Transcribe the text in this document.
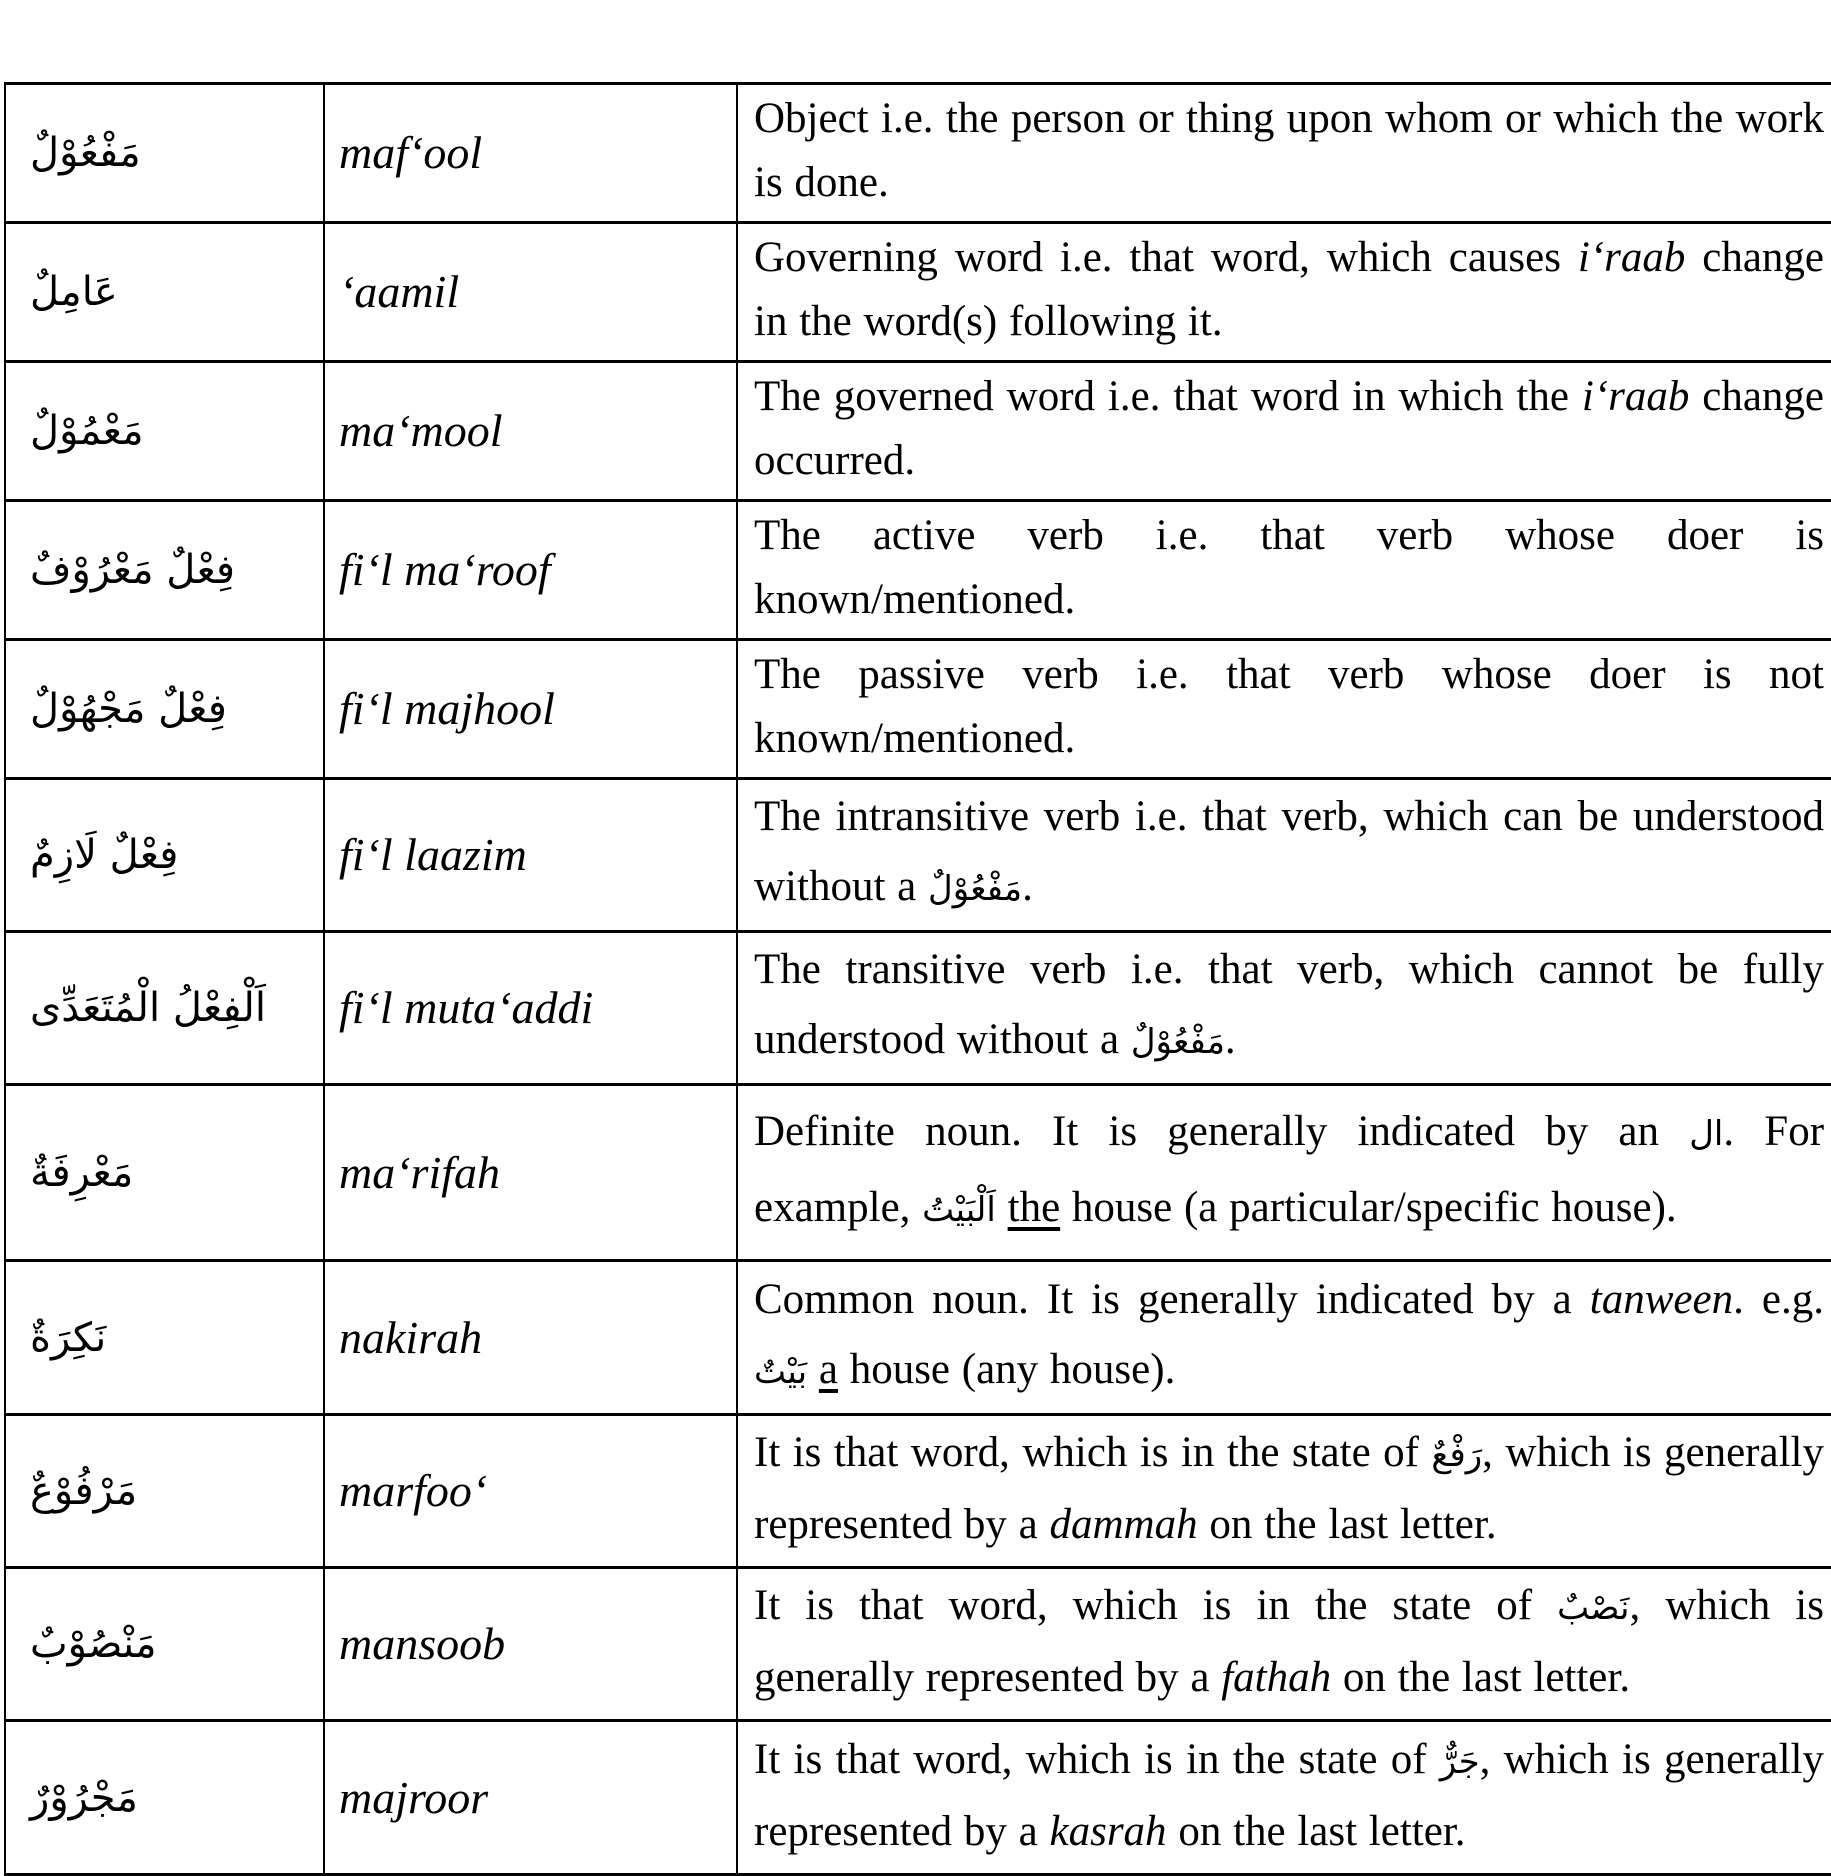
مَفْعُوْلٌ	maf‘ool	Object i.e. the person or thing upon whom or which the work is done.

عَامِلٌ	‘aamil	Governing word i.e. that word, which causes i‘raab change in the word(s) following it.

مَعْمُوْلٌ	ma‘mool	The governed word i.e. that word in which the i‘raab change occurred.

فِعْلٌ مَعْرُوْفٌ	fi‘l ma‘roof	The active verb i.e. that verb whose doer is known/mentioned.

فِعْلٌ مَجْهُوْلٌ	fi‘l majhool	The passive verb i.e. that verb whose doer is not known/mentioned.

فِعْلٌ لَازِمٌ	fi‘l laazim	The intransitive verb i.e. that verb, which can be understood without a مَفْعُوْلٌ.

اَلْفِعْلُ الْمُتَعَدِّى	fi‘l muta‘addi	The transitive verb i.e. that verb, which cannot be fully understood without a مَفْعُوْلٌ.

مَعْرِفَةٌ	ma‘rifah	Definite noun. It is generally indicated by an ال. For example, اَلْبَيْتُ the house (a particular/specific house).

نَكِرَةٌ	nakirah	Common noun. It is generally indicated by a tanween. e.g. بَيْتٌ a house (any house).

مَرْفُوْعٌ	marfoo‘	It is that word, which is in the state of رَفْعٌ, which is generally represented by a dammah on the last letter.

مَنْصُوْبٌ	mansoob	It is that word, which is in the state of نَصْبٌ, which is generally represented by a fathah on the last letter.

مَجْرُوْرٌ	majroor	It is that word, which is in the state of جَرٌّ, which is generally represented by a kasrah on the last letter.
